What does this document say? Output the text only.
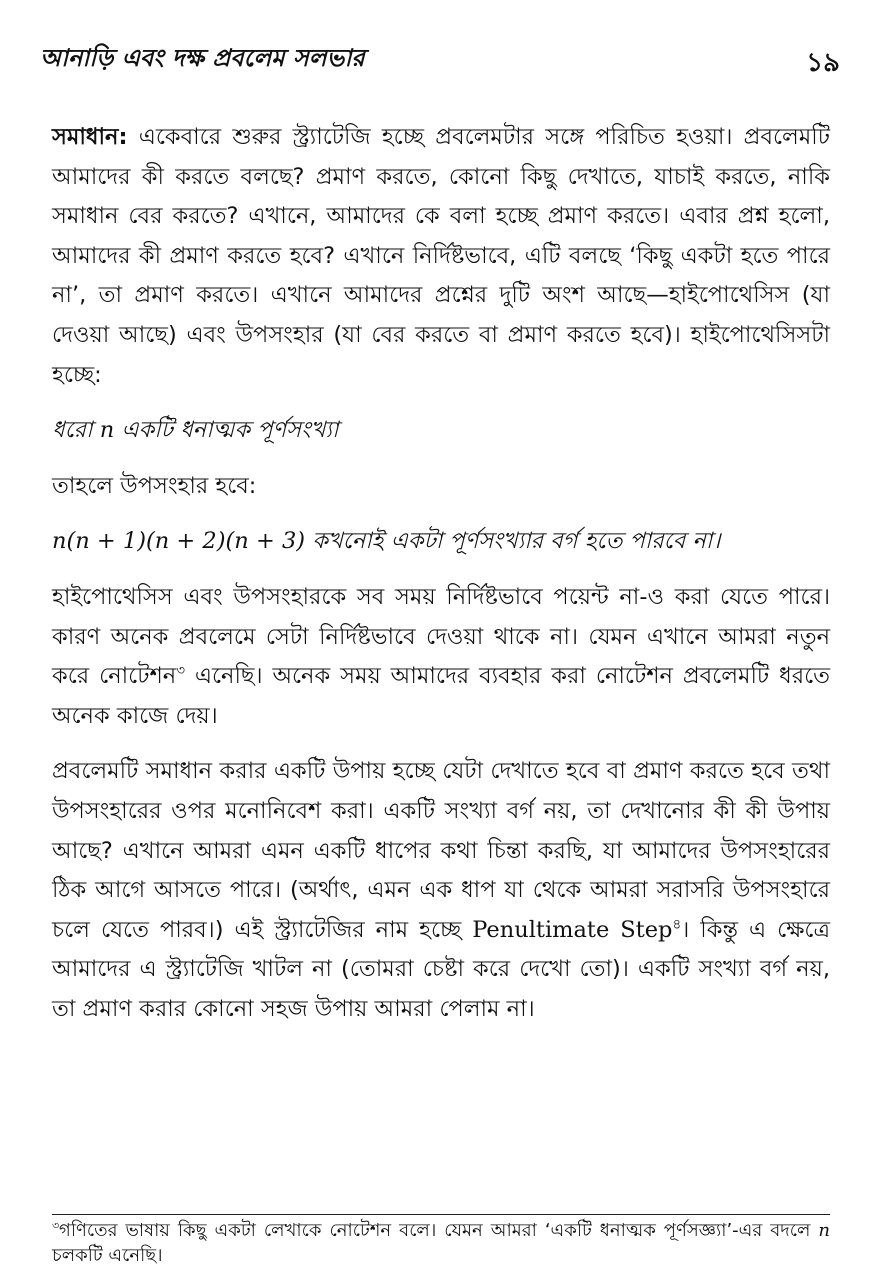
আনাড়ি এবং দক্ষ প্রবলেম সলভার	১৯

সমাধান: একেবারে শুরুর স্ট্র্যাটেজি হচ্ছে প্রবলেমটার সঙ্গে পরিচিত হওয়া। প্রবলেমটি আমাদের কী করতে বলছে? প্রমাণ করতে, কোনো কিছু দেখাতে, যাচাই করতে, নাকি সমাধান বের করতে? এখানে, আমাদের কে বলা হচ্ছে প্রমাণ করতে। এবার প্রশ্ন হলো, আমাদের কী প্রমাণ করতে হবে? এখানে নির্দিষ্টভাবে, এটি বলছে ‘কিছু একটা হতে পারে না’, তা প্রমাণ করতে। এখানে আমাদের প্রশ্নের দুটি অংশ আছে—হাইপোথেসিস (যা দেওয়া আছে) এবং উপসংহার (যা বের করতে বা প্রমাণ করতে হবে)। হাইপোথেসিসটা হচ্ছে:

ধরো n একটি ধনাত্মক পূর্ণসংখ্যা

তাহলে উপসংহার হবে:

n(n + 1)(n + 2)(n + 3) কখনোই একটা পূর্ণসংখ্যার বর্গ হতে পারবে না।

হাইপোথেসিস এবং উপসংহারকে সব সময় নির্দিষ্টভাবে পয়েন্ট না-ও করা যেতে পারে। কারণ অনেক প্রবলেমে সেটা নির্দিষ্টভাবে দেওয়া থাকে না। যেমন এখানে আমরা নতুন করে নোটেশন$^৩$ এনেছি। অনেক সময় আমাদের ব্যবহার করা নোটেশন প্রবলেমটি ধরতে অনেক কাজে দেয়।

প্রবলেমটি সমাধান করার একটি উপায় হচ্ছে যেটা দেখাতে হবে বা প্রমাণ করতে হবে তথা উপসংহারের ওপর মনোনিবেশ করা। একটি সংখ্যা বর্গ নয়, তা দেখানোর কী কী উপায় আছে? এখানে আমরা এমন একটি ধাপের কথা চিন্তা করছি, যা আমাদের উপসংহারের ঠিক আগে আসতে পারে। (অর্থাৎ, এমন এক ধাপ যা থেকে আমরা সরাসরি উপসংহারে চলে যেতে পারব।) এই স্ট্র্যাটেজির নাম হচ্ছে Penultimate Step$^৪$। কিন্তু এ ক্ষেত্রে আমাদের এ স্ট্র্যাটেজি খাটল না (তোমরা চেষ্টা করে দেখো তো)। একটি সংখ্যা বর্গ নয়, তা প্রমাণ করার কোনো সহজ উপায় আমরা পেলাম না।

$^৩$গণিতের ভাষায় কিছু একটা লেখাকে নোটেশন বলে। যেমন আমরা ‘একটি ধনাত্মক পূর্ণসজ্ঞ্যা’-এর বদলে n চলকটি এনেছি।
